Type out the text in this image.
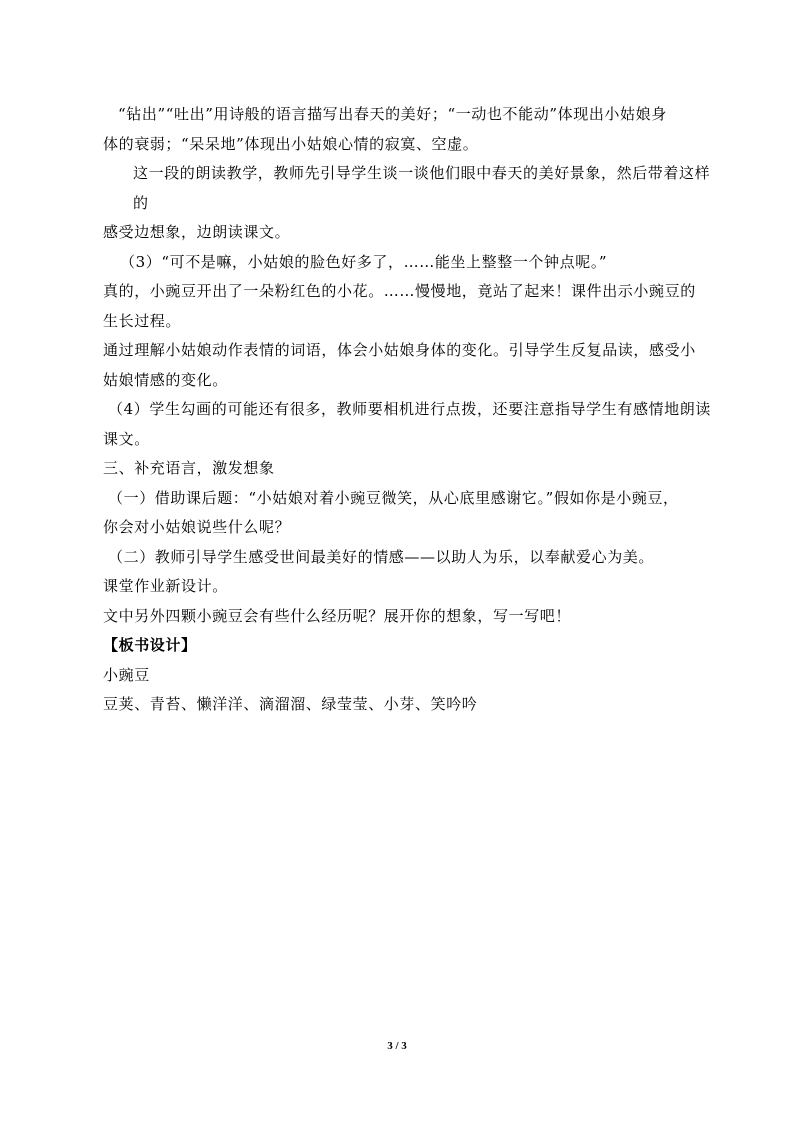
“钻出”“吐出”用诗般的语言描写出春天的美好；“一动也不能动”体现出小姑娘身

体的衰弱；“呆呆地”体现出小姑娘心情的寂寞、空虚。

这一段的朗读教学，教师先引导学生谈一谈他们眼中春天的美好景象，然后带着这样的

感受边想象，边朗读课文。

（3）“可不是嘛，小姑娘的脸色好多了，……能坐上整整一个钟点呢。”

真的，小豌豆开出了一朵粉红色的小花。……慢慢地，竟站了起来！课件出示小豌豆的

生长过程。

通过理解小姑娘动作表情的词语，体会小姑娘身体的变化。引导学生反复品读，感受小

姑娘情感的变化。

（4）学生勾画的可能还有很多，教师要相机进行点拨，还要注意指导学生有感情地朗读

课文。

三、补充语言，激发想象

（一）借助课后题：“小姑娘对着小豌豆微笑，从心底里感谢它。”假如你是小豌豆，

你会对小姑娘说些什么呢？

（二）教师引导学生感受世间最美好的情感——以助人为乐，以奉献爱心为美。

课堂作业新设计。

文中另外四颗小豌豆会有些什么经历呢？展开你的想象，写一写吧！

【板书设计】

小豌豆

豆荚、青苔、懒洋洋、滴溜溜、绿莹莹、小芽、笑吟吟

3 / 3
